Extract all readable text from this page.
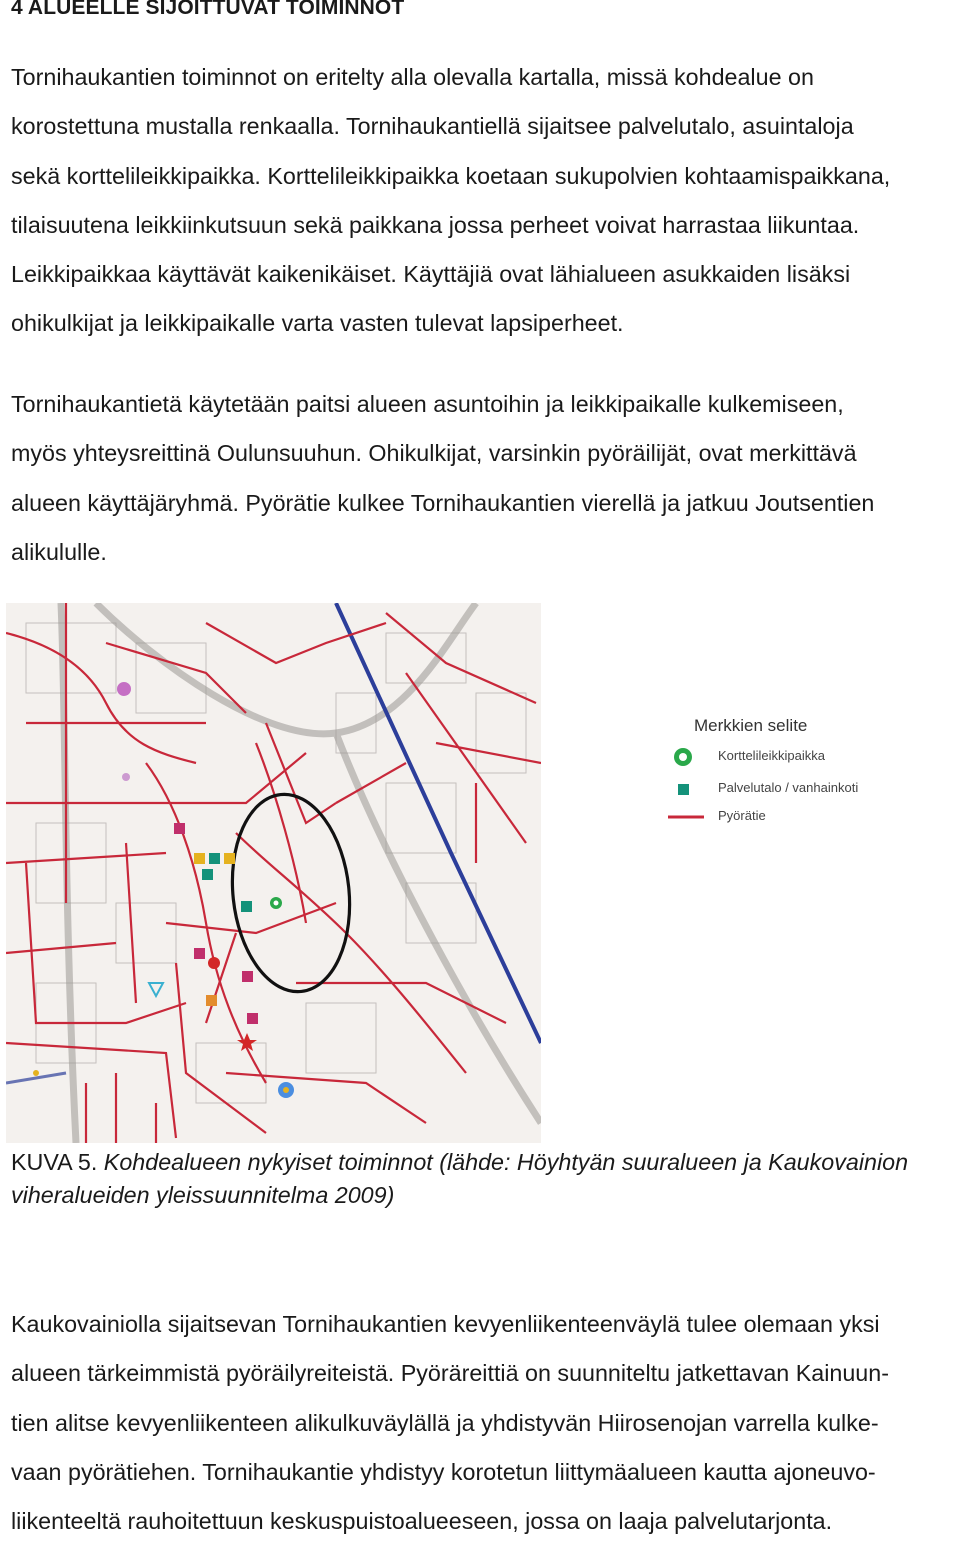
4 ALUEELLE SIJOITTUVAT TOIMINNOT
Tornihaukantien toiminnot on eritelty alla olevalla kartalla, missä kohdealue on
korostettuna mustalla renkaalla. Tornihaukantiellä sijaitsee palvelutalo, asuintaloja
sekä korttelileikkipaikka. Korttelileikkipaikka koetaan sukupolvien kohtaamispaikkana,
tilaisuutena leikkiinkutsuun sekä paikkana jossa perheet voivat harrastaa liikuntaa.
Leikkipaikkaa käyttävät kaikenikäiset. Käyttäjiä ovat lähialueen asukkaiden lisäksi
ohikulkijat ja leikkipaikalle varta vasten tulevat lapsiperheet.
Tornihaukantietä käytetään paitsi alueen asuntoihin ja leikkipaikalle kulkemiseen,
myös yhteysreittinä Oulunsuuhun. Ohikulkijat, varsinkin pyöräilijät, ovat merkittävä
alueen käyttäjäryhmä. Pyörätie kulkee Tornihaukantien vierellä ja jatkuu Joutsentien
alikululle.
Merkkien selite
Korttelileikkipaikka
Palvelutalo / vanhainkoti
Pyörätie
KUVA 5. Kohdealueen nykyiset toiminnot (lähde: Höyhtyän suuralueen ja Kaukovainion viheralueiden yleissuunnitelma 2009)
Kaukovainiolla sijaitsevan Tornihaukantien kevyenliikenteenväylä tulee olemaan yksi
alueen tärkeimmistä pyöräilyreiteistä. Pyöräreittiä on suunniteltu jatkettavan Kainuun-
tien alitse kevyenliikenteen alikulkuväylällä ja yhdistyvän Hiirosenojan varrella kulke-
vaan pyörätiehen. Tornihaukantie yhdistyy korotetun liittymäalueen kautta ajoneuvo-
liikenteeltä rauhoitettuun keskuspuistoalueeseen, jossa on laaja palvelutarjonta.
